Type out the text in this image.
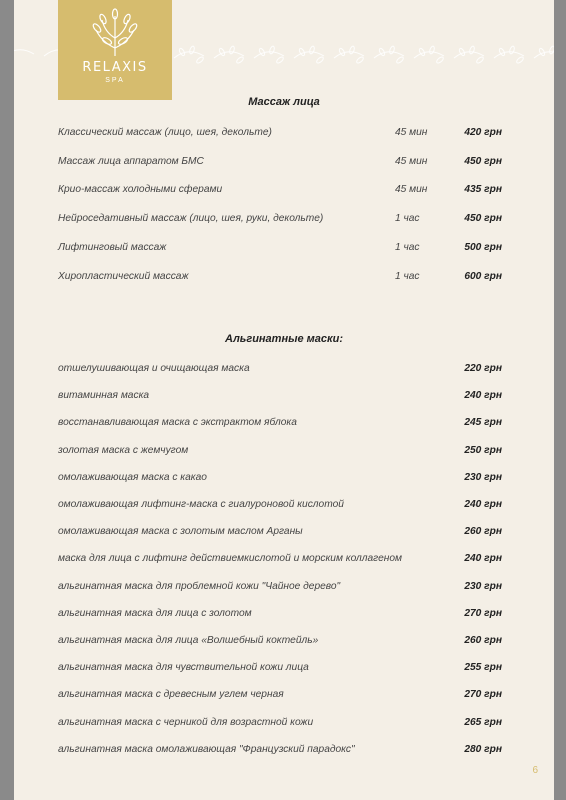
RELAXIS
SPA
Массаж лица
Классический массаж (лицо, шея, декольте)	45 мин	420 грн
Массаж лица аппаратом БМС	45 мин	450 грн
Крио-массаж холодными сферами	45 мин	435 грн
Нейроседативный массаж (лицо, шея, руки, декольте)	1 час	450 грн
Лифтинговый массаж	1 час	500 грн
Хиропластический массаж	1 час	600 грн
Альгинатные маски:
отшелушивающая и очищающая маска	220 грн
витаминная маска	240 грн
восстанавливающая маска с экстрактом яблока	245 грн
золотая маска с жемчугом	250 грн
омолаживающая маска с какао	230 грн
омолаживающая лифтинг-маска с гиалуроновой кислотой	240 грн
омолаживающая маска с золотым маслом Арганы	260 грн
маска для лица с лифтинг действиемкислотой и морским коллагеном	240 грн
альгинатная маска для проблемной кожи "Чайное дерево"	230 грн
альгинатная маска для лица с золотом	270 грн
альгинатная маска для лица «Волшебный коктейль»	260 грн
альгинатная маска для чувствительной кожи лица	255 грн
альгинатная маска с древесным углем черная	270 грн
альгинатная маска с черникой для возрастной кожи	265 грн
альгинатная маска омолаживающая "Французский парадокс"	280 грн
6
